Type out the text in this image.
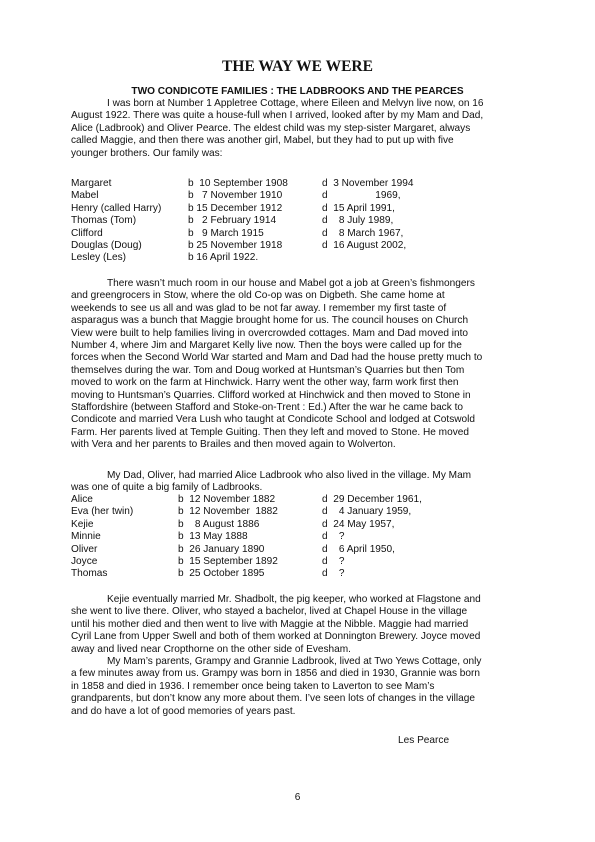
THE WAY WE WERE
TWO CONDICOTE FAMILIES : THE LADBROOKS AND THE PEARCES
I was born at Number 1 Appletree Cottage, where Eileen and Melvyn live now, on 16
August 1922. There was quite a house-full when I arrived, looked after by my Mam and Dad,
Alice (Ladbrook) and Oliver Pearce. The eldest child was my step-sister Margaret, always
called Maggie, and then there was another girl, Mabel, but they had to put up with five
younger brothers. Our family was:
Margaret	b  10 September 1908	d  3 November 1994
Mabel	b   7 November 1910	d                 1969,
Henry (called Harry)	b 15 December 1912	d  15 April 1991,
Thomas (Tom)	b   2 February 1914	d    8 July 1989,
Clifford	b   9 March 1915	d    8 March 1967,
Douglas (Doug)	b 25 November 1918	d  16 August 2002,
Lesley (Les)	b 16 April 1922.
There wasn’t much room in our house and Mabel got a job at Green’s fishmongers
and greengrocers in Stow, where the old Co-op was on Digbeth. She came home at
weekends to see us all and was glad to be not far away. I remember my first taste of
asparagus was a bunch that Maggie brought home for us. The council houses on Church
View were built to help families living in overcrowded cottages. Mam and Dad moved into
Number 4, where Jim and Margaret Kelly live now. Then the boys were called up for the
forces when the Second World War started and Mam and Dad had the house pretty much to
themselves during the war. Tom and Doug worked at Huntsman’s Quarries but then Tom
moved to work on the farm at Hinchwick. Harry went the other way, farm work first then
moving to Huntsman’s Quarries. Clifford worked at Hinchwick and then moved to Stone in
Staffordshire (between Stafford and Stoke-on-Trent : Ed.) After the war he came back to
Condicote and married Vera Lush who taught at Condicote School and lodged at Cotswold
Farm. Her parents lived at Temple Guiting. Then they left and moved to Stone. He moved
with Vera and her parents to Brailes and then moved again to Wolverton.
My Dad, Oliver, had married Alice Ladbrook who also lived in the village. My Mam
was one of quite a big family of Ladbrooks.
Alice	b  12 November 1882	d  29 December 1961,
Eva (her twin)	b  12 November  1882	d    4 January 1959,
Kejie	b    8 August 1886	d  24 May 1957,
Minnie	b  13 May 1888	d    ?
Oliver	b  26 January 1890	d    6 April 1950,
Joyce	b  15 September 1892	d    ?
Thomas	b  25 October 1895	d    ?
Kejie eventually married Mr. Shadbolt, the pig keeper, who worked at Flagstone and
she went to live there. Oliver, who stayed a bachelor, lived at Chapel House in the village
until his mother died and then went to live with Maggie at the Nibble. Maggie had married
Cyril Lane from Upper Swell and both of them worked at Donnington Brewery. Joyce moved
away and lived near Cropthorne on the other side of Evesham.
My Mam’s parents, Grampy and Grannie Ladbrook, lived at Two Yews Cottage, only
a few minutes away from us. Grampy was born in 1856 and died in 1930, Grannie was born
in 1858 and died in 1936. I remember once being taken to Laverton to see Mam’s
grandparents, but don’t know any more about them. I’ve seen lots of changes in the village
and do have a lot of good memories of years past.
Les Pearce
6
